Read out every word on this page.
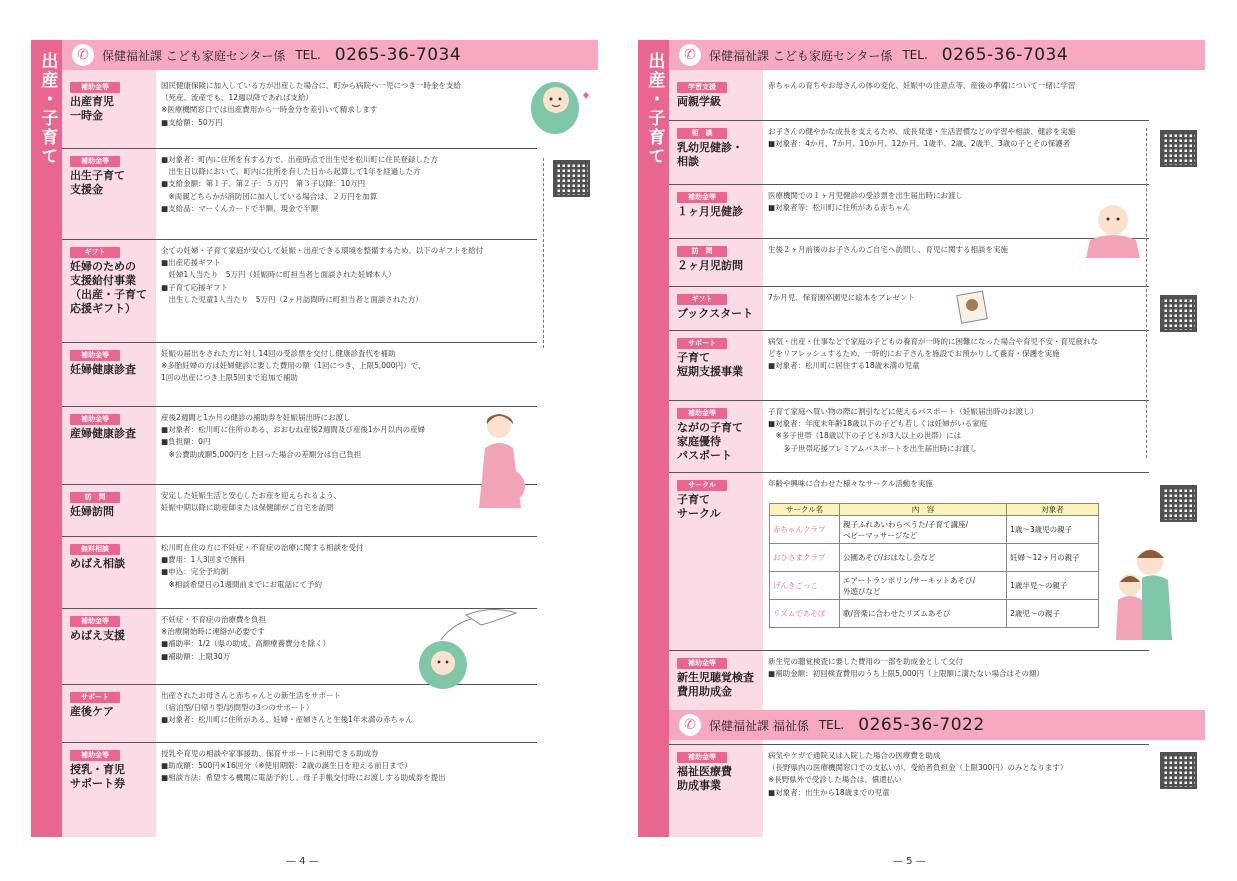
出産・子育て	✆	保健福祉課 こども家庭センター係 TEL. 0265-36-7034
補助金等
出産育児
一時金
国民健康保険に加入している方が出産した場合に、町から病院へ一児につき一時金を支給
（死産、流産でも、12週以降であれば支給）
※医療機関窓口では出産費用から一時金分を差引いて精求します
■支給額：50万円
補助金等
出生子育て
支援金
■対象者：町内に住所を有する方で、出産時点で出生児を松川町に住民登録した方
　出生日以降において、町内に住所を有した日から起算して1年を経過した方
■支給金額：第１子、第２子：５万円　第３子以降：10万円
　※両親どちらかが消防団に加入している場合は、２万円を加算
■支給品：マーくんカードで半額、現金で半額
ギフト
妊婦のための
支援給付事業
（出産・子育て
応援ギフト）
全ての妊婦・子育て家庭が安心して妊娠・出産できる環境を整備するため、以下のギフトを給付
■出産応援ギフト
　妊婦1人当たり　5万円（妊娠時に町担当者と面談された妊婦本人）
■子育て応援ギフト
　出生した児童1人当たり　5万円（2ヶ月訪問時に町担当者と面談された方）
補助金等
妊婦健康診査
妊娠の届出をされた方に対し14回の受診票を交付し健康診査代を補助
※多胎妊婦の方は妊婦健診に要した費用の額（1回につき、上限5,000円）で、
1回の出産につき上限5回まで追加で補助
補助金等
産婦健康診査
産後2週間と1か月の健診の補助券を妊娠届出時にお渡し
■対象者：松川町に住所のある、おおむね産後2週間及び産後1か月以内の産婦
■負担額：0円
　※公費助成額5,000円を上回った場合の差額分は自己負担
訪　問
妊婦訪問
安定した妊娠生活と安心したお産を迎えられるよう、
妊娠中期以降に助産師または保健師がご自宅を訪問
無料相談
めばえ相談
松川町在住の方に不妊症・不育症の治療に関する相談を受付
■費用：1人3回まで無料
■申込：完全予約制
　※相談希望日の1週間前までにお電話にて予約
補助金等
めばえ支援
不妊症・不育症の治療費を負担
※治療開始時に連絡が必要です
■補助率：1/2（県の助成、高額療養費分を除く）
■補助額：上限30万
サポート
産後ケア
出産されたお母さんと赤ちゃんとの新生活をサポート
（宿泊型/日帰り型/訪問型の3つのサポート）
■対象者：松川町に住所がある、妊婦・産婦さんと生後1年未満の赤ちゃん
補助金等
授乳・育児
サポート券
授乳や育児の相談や家事援助、保育サポートに利用できる助成券
■助成額：500円×16回分（※使用期限：2歳の誕生日を迎える前日まで）
■相談方法：希望する機関に電話予約し、母子手帳交付時にお渡しする助成券を提出
— 4 —
出産・子育て	✆	保健福祉課 こども家庭センター係 TEL. 0265-36-7034
✆	保健福祉課 福祉係 TEL. 0265-36-7022
学習支援
両親学級
赤ちゃんの育ちやお母さんの体の変化、妊娠中の注意点等、産後の準備について一緒に学習
相　談
乳幼児健診・
相談
お子さんの健やかな成長を支えるため、成長発達・生活習慣などの学習や相談、健診を実施
■対象者：4か月、7か月、10か月、12か月、1歳半、2歳、2歳半、3歳の子とその保護者
補助金等
１ヶ月児健診
医療機関での１ヶ月児健診の受診票を出生届出時にお渡し
■対象者等：松川町に住所がある赤ちゃん
訪　問
２ヶ月児訪問
生後２ヶ月前後のお子さんのご自宅へ訪問し、育児に関する相談を実施
ギフト
ブックスタート
7か月児、保育園卒園児に絵本をプレゼント
サポート
子育て
短期支援事業
病気・出産・仕事などで家庭の子どもの養育が一時的に困難になった場合や育児不安・育児疲れな
どをリフレッシュするため、一時的にお子さんを施設でお預かりして養育・保護を実施
■対象者：松川町に居住する18歳未満の児童
補助金等
ながの子育て
家庭優待
パスポート
子育て家庭へ買い物の際に割引などに使えるパスポート（妊娠届出時のお渡し）
■対象者：年度末年齢18歳以下の子ども若しくは妊婦がいる家庭
　※多子世帯（18歳以下の子どもが3人以上の世帯）には
　　多子世帯応援プレミアムパスポートを出生届出時にお渡し
サークル
子育て
サークル
年齢や興味に合わせた様々なサークル活動を実施
補助金等
新生児聴覚検査
費用助成金
新生児の聴覚検査に要した費用の一部を助成金として交付
■補助金額：初回検査費用のうち上限5,000円（上限額に満たない場合はその額）
補助金等
福祉医療費
助成事業
病気やケガで通院又は入院した場合の医療費を助成
（長野県内の医療機関窓口での支払いが、受給者負担金（上限300円）のみとなります）
※長野県外で受診した場合は、償還払い
■対象者：出生から18歳までの児童
サークル名	内　容	対象者
赤ちゃんクラブ	親子ふれあいわらべうた/子育て講座/
ベビーマッサージなど	1歳～3歳児の親子
おひさまクラブ	公園あそび/おはなし会など	妊婦～12ヶ月の親子
げんきごっこ	エアートランポリン/サーキットあそび/
外遊びなど	1歳半児～の親子
リズムであそぼ	歌/音楽に合わせたリズムあそび	2歳児～の親子
— 5 —
